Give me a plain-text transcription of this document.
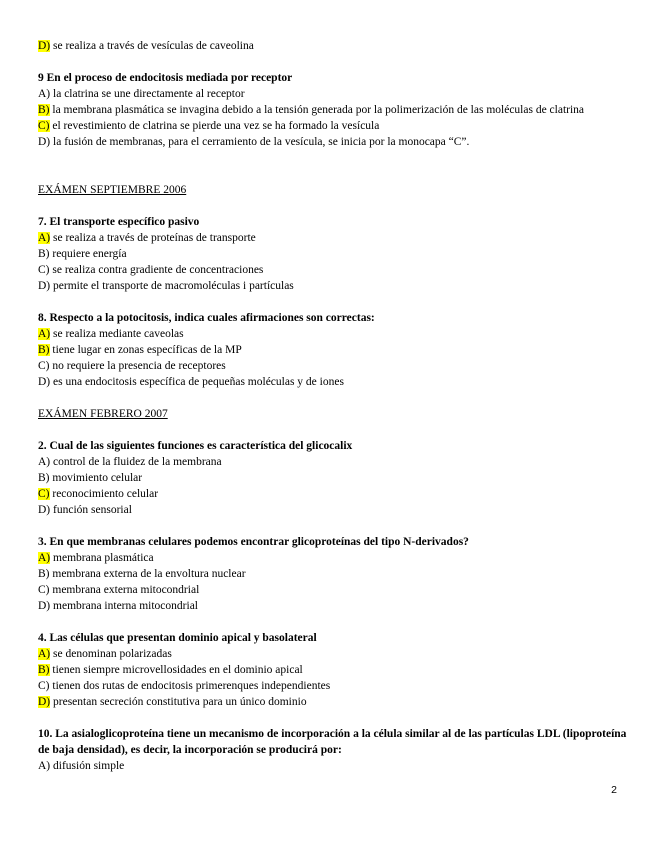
D) se realiza a través de vesículas de caveolina
9 En el proceso de endocitosis mediada por receptor
A) la clatrina se une directamente al receptor
B) la membrana plasmática se invagina debido a la tensión generada por la polimerización de las moléculas de clatrina
C) el revestimiento de clatrina se pierde una vez se ha formado la vesícula
D) la fusión de membranas, para el cerramiento de la vesícula, se inicia por la monocapa “C”.
EXÁMEN SEPTIEMBRE 2006
7. El transporte específico pasivo
A) se realiza a través de proteínas de transporte
B) requiere energía
C) se realiza contra gradiente de concentraciones
D) permite el transporte de macromoléculas i partículas
8. Respecto a la potocitosis, indica cuales afirmaciones son correctas:
A) se realiza mediante caveolas
B) tiene lugar en zonas específicas de la MP
C) no requiere la presencia de receptores
D) es una endocitosis específica de pequeñas moléculas y de iones
EXÁMEN FEBRERO 2007
2. Cual de las siguientes funciones es característica del glicocalix
A) control de la fluidez de la membrana
B) movimiento celular
C) reconocimiento celular
D) función sensorial
3. En que membranas celulares podemos encontrar glicoproteínas del tipo N-derivados?
A) membrana plasmática
B) membrana externa de la envoltura nuclear
C) membrana externa mitocondrial
D) membrana interna mitocondrial
4. Las células que presentan dominio apical y basolateral
A) se denominan polarizadas
B) tienen siempre microvellosidades en el dominio apical
C) tienen dos rutas de endocitosis primerenques independientes
D) presentan secreción constitutiva para un único dominio
10. La asialoglicoproteína tiene un mecanismo de incorporación a la célula similar al de las partículas LDL (lipoproteína de baja densidad), es decir, la incorporación se producirá por:
A) difusión simple
2
